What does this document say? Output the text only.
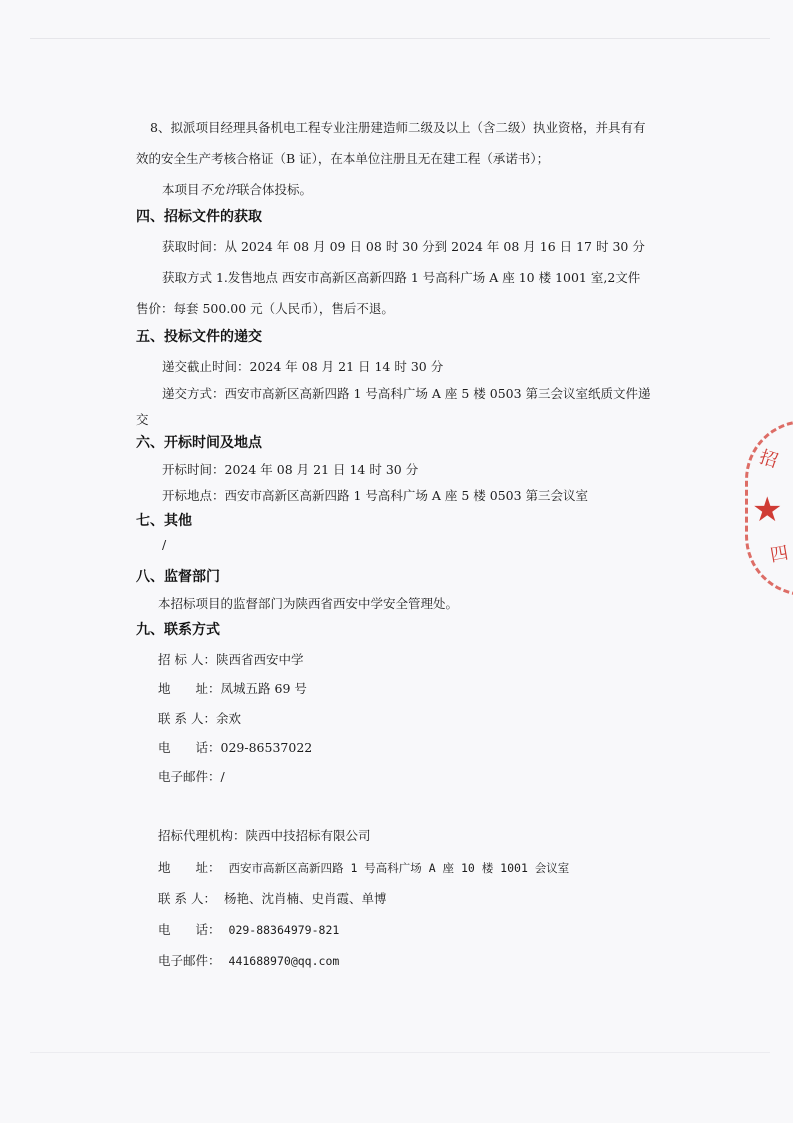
8、拟派项目经理具备机电工程专业注册建造师二级及以上（含二级）执业资格，并具有有
效的安全生产考核合格证（B 证），在本单位注册且无在建工程（承诺书）；
本项目不允许联合体投标。
四、招标文件的获取
获取时间：从 2024 年 08 月 09 日 08 时 30 分到 2024 年 08 月 16 日 17 时 30 分
获取方式 1.发售地点 西安市高新区高新四路 1 号高科广场 A 座 10 楼 1001 室,2文件
售价：每套 500.00 元（人民币），售后不退。
五、投标文件的递交
递交截止时间：2024 年 08 月 21 日 14 时 30 分
递交方式：西安市高新区高新四路 1 号高科广场 A 座 5 楼 0503 第三会议室纸质文件递
交
六、开标时间及地点
开标时间：2024 年 08 月 21 日 14 时 30 分
开标地点：西安市高新区高新四路 1 号高科广场 A 座 5 楼 0503 第三会议室
七、其他
/
八、监督部门
本招标项目的监督部门为陕西省西安中学安全管理处。
九、联系方式
招 标 人：陕西省西安中学
地　　址：凤城五路 69 号
联 系 人：余欢
电　　话：029-86537022
电子邮件：/
招标代理机构：陕西中技招标有限公司
地　　址： 西安市高新区高新四路 1 号高科广场 A 座 10 楼 1001 会议室
联 系 人： 杨艳、沈肖楠、史肖霞、单博
电　　话： 029-88364979-821
电子邮件： 441688970@qq.com
招
★
四
